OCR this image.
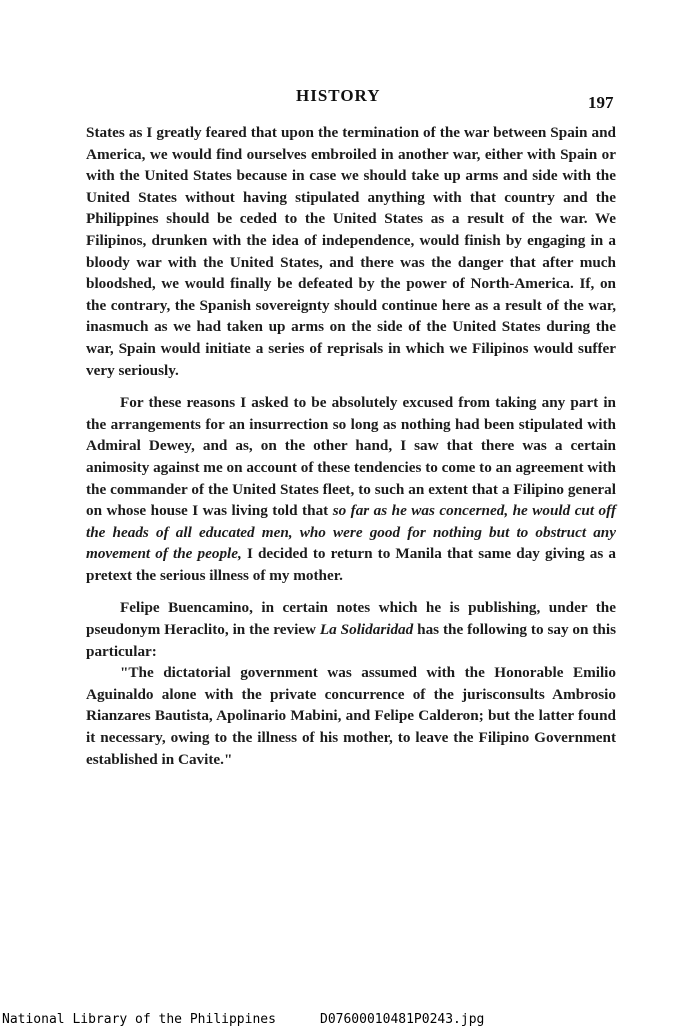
HISTORY	197

States as I greatly feared that upon the termination of the war between Spain and America, we would find ourselves embroiled in another war, either with Spain or with the United States because in case we should take up arms and side with the United States without having stipulated anything with that country and the Philippines should be ceded to the United States as a result of the war. We Filipinos, drunken with the idea of independence, would finish by engaging in a bloody war with the United States, and there was the danger that after much bloodshed, we would finally be defeated by the power of North-America. If, on the contrary, the Spanish sovereignty should continue here as a result of the war, inasmuch as we had taken up arms on the side of the United States during the war, Spain would initiate a series of reprisals in which we Filipinos would suffer very seriously.

For these reasons I asked to be absolutely excused from taking any part in the arrangements for an insurrection so long as nothing had been stipulated with Admiral Dewey, and as, on the other hand, I saw that there was a certain animosity against me on account of these tendencies to come to an agreement with the commander of the United States fleet, to such an extent that a Filipino general on whose house I was living told that so far as he was concerned, he would cut off the heads of all educated men, who were good for nothing but to obstruct any movement of the people, I decided to return to Manila that same day giving as a pretext the serious illness of my mother.

Felipe Buencamino, in certain notes which he is publishing, under the pseudonym Heraclito, in the review La Solidaridad has the following to say on this particular:

"The dictatorial government was assumed with the Honorable Emilio Aguinaldo alone with the private concurrence of the jurisconsults Ambrosio Rianzares Bautista, Apolinario Mabini, and Felipe Calderon; but the latter found it necessary, owing to the illness of his mother, to leave the Filipino Government established in Cavite."

National Library of the Philippines	D07600010481P0243.jpg
